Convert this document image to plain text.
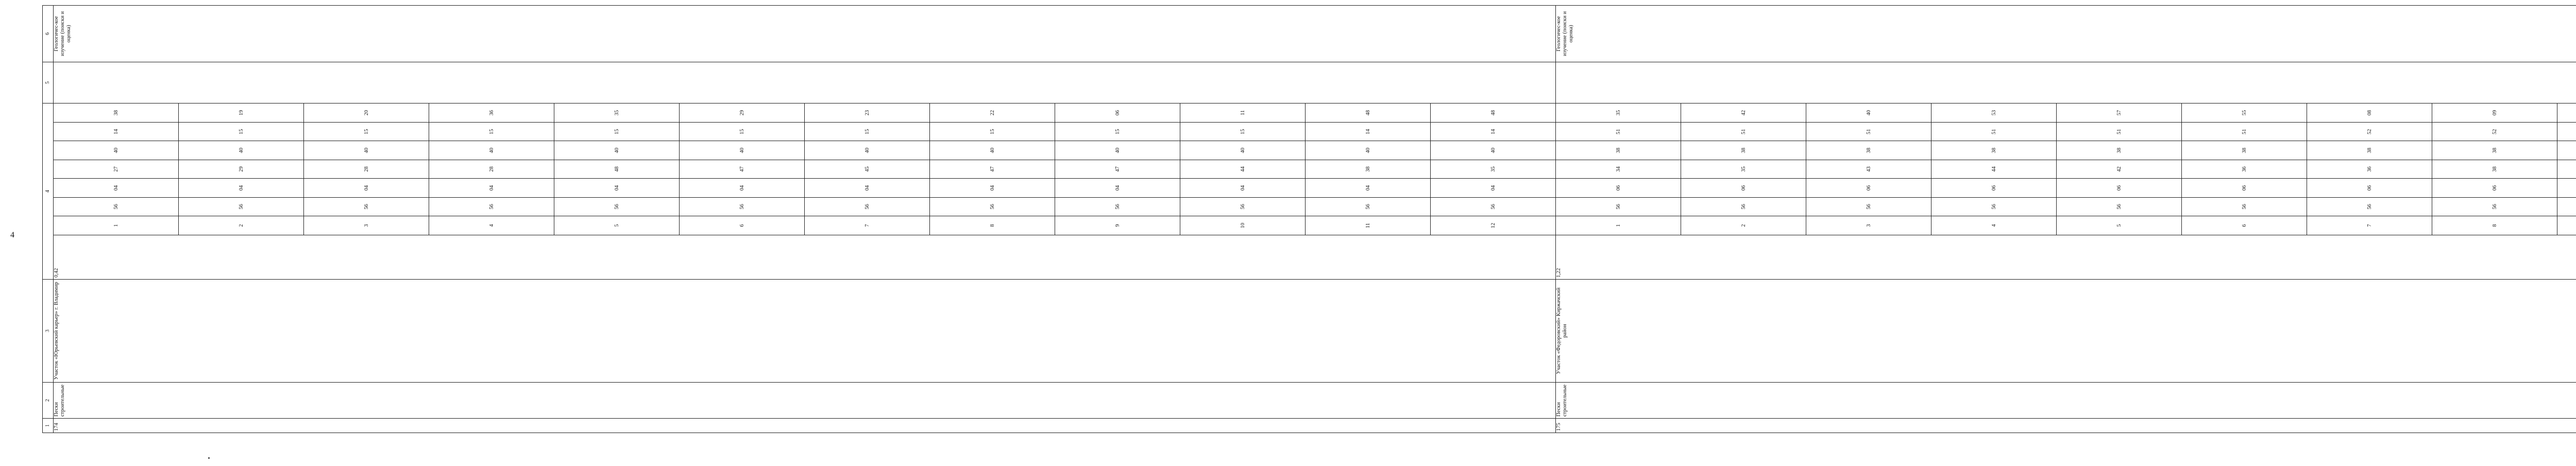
4
1	2	3	4	5	6
174	Пески строительные	Участок «Юрьевский карьер» г. Владимир	0,42	
1	56	04	27	40	14	38
2	56	04	29	40	15	19
3	56	04	28	40	15	20
4	56	04	28	40	15	36
5	56	04	48	40	15	35
6	56	04	47	40	15	29
7	56	04	45	40	15	23
8	56	04	47	40	15	22
9	56	04	47	40	15	06
10	56	04	44	40	15	11
11	56	04	38	40	14	48
12	56	04	35	40	14	48
		Геологичес-кое изучение (поиски и оценка)
175	Пески строительные	Участок «Федоровский» Киржачский район	1,22	
1	56	06	34	38	51	35
2	56	06	35	38	51	42
3	56	06	43	38	51	40
4	56	06	44	38	51	53
5	56	06	42	38	51	57
6	56	06	36	38	51	55
7	56	06	36	38	52	08
8	56	06	38	38	52	09

		Геологичес-кое изучение (поиски и оценка)
